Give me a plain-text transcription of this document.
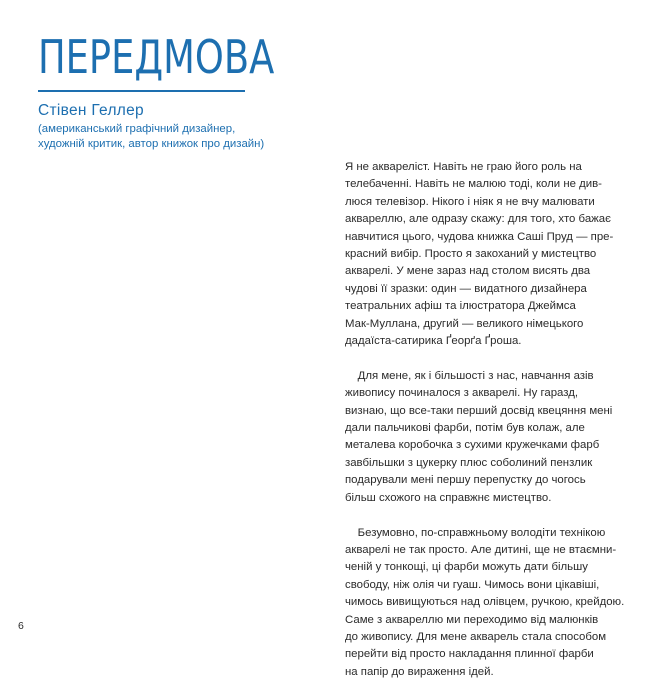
ПЕРЕДМОВА

Стівен Геллер

(американський графічний дизайнер,
художній критик, автор книжок про дизайн)

Я не аквареліст. Навіть не граю його роль на
телебаченні. Навіть не малюю тоді, коли не див-
люся телевізор. Нікого і ніяк я не вчу малювати
аквареллю, але одразу скажу: для того, хто бажає
навчитися цього, чудова книжка Саші Пруд — пре-
красний вибір. Просто я закоханий у мистецтво
акварелі. У мене зараз над столом висять два
чудові її зразки: один — видатного дизайнера
театральних афіш та ілюстратора Джеймса
Мак-Муллана, другий — великого німецького
дадаїста-сатирика Ґеорґа Ґроша.

Для мене, як і більшості з нас, навчання азів
живопису починалося з акварелі. Ну гаразд,
визнаю, що все-таки перший досвід квецяння мені
дали пальчикові фарби, потім був колаж, але
металева коробочка з сухими кружечками фарб
завбільшки з цукерку плюс соболиний пензлик
подарували мені першу перепустку до чогось
більш схожого на справжнє мистецтво.

Безумовно, по-справжньому володіти технікою
акварелі не так просто. Але дитині, ще не втаємни-
ченій у тонкощі, ці фарби можуть дати більшу
свободу, ніж олія чи гуаш. Чимось вони цікавіші,
чимось вивищуються над олівцем, ручкою, крейдою.
Саме з аквареллю ми переходимо від малюнків
до живопису. Для мене акварель стала способом
перейти від просто накладання плинної фарби
на папір до вираження ідей.

6
